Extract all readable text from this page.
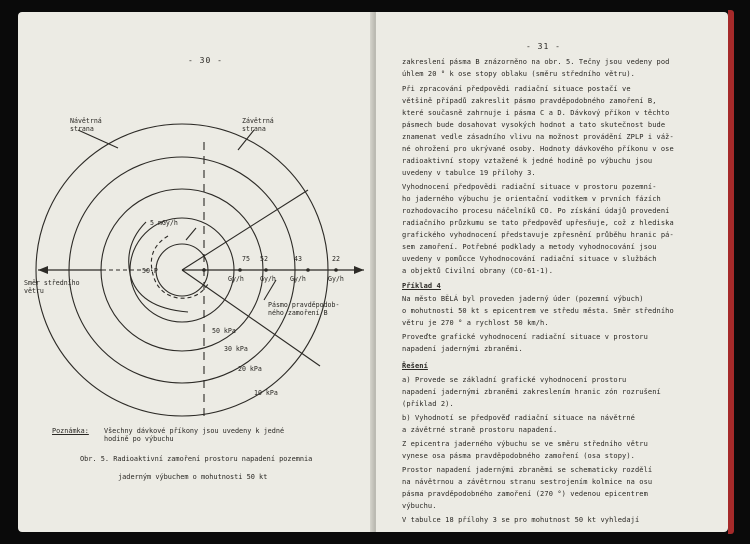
- 30 -
Návětrná
strana
Závětrná
strana
Směr středního
větru
50-P
5 mGy/h
75 52	43	22
Gy/h Gy/h Gy/h	Gy/h
Pásmo pravděpodob-
ného zamoření B
50 kPa
30 kPa
20 kPa
10 kPa
Poznámka: Všechny dávkové příkony jsou uvedeny k jedné
hodině po výbuchu
Obr. 5. Radioaktivní zamoření prostoru napadení pozemnia
jaderným výbuchem o mohutnosti 50 kt
- 31 -
zakreslení pásma B znázorněno na obr. 5. Tečny jsou vedeny pod
úhlem 20 ° k ose stopy oblaku (směru středního větru).
Při zpracování předpovědi radiační situace postačí ve
většině případů zakreslit pásmo pravděpodobného zamoření B,
které současně zahrnuje i pásma C a D. Dávkový příkon v těchto
pásmech bude dosahovat vysokých hodnot a tato skutečnost bude
znamenat vedle zásadního vlivu na možnost provádění ZPLP i váž-
né ohrožení pro ukrývané osoby. Hodnoty dávkového příkonu v ose
radioaktivní stopy vztažené k jedné hodině po výbuchu jsou
uvedeny v tabulce 19 přílohy 3.
Vyhodnocení předpovědi radiační situace v prostoru pozemní-
ho jaderného výbuchu je orientační voditkem v prvních fázích
rozhodovacího procesu náčelníků CO. Po získání údajů provedení
radiačního průzkumu se tato předpověď upřesňuje, což z hlediska
grafického vyhodnocení představuje zpřesnění průběhu hranic pá-
sem zamoření. Potřebné podklady a metody vyhodnocování jsou
uvedeny v pomůcce Vyhodnocování radiační situace v službách
a objektů Civilní obrany (CO-61-1).
Příklad 4
Na město BĚLÁ byl proveden jaderný úder (pozemní výbuch)
o mohutnosti 50 kt s epicentrem ve středu města. Směr středního
větru je 270 ° a rychlost 50 km/h.
Proveďte grafické vyhodnocení radiační situace v prostoru
napadení jadernými zbraněmi.
Řešení
a) Provede se základní grafické vyhodnocení prostoru
napadení jadernými zbraněmi zakreslením hranic zón rozrušení
(příklad 2).
b) Vyhodnotí se předpověď radiační situace na návětrné
a závětrné straně prostoru napadení.
Z epicentra jaderného výbuchu se ve směru středního větru
vynese osa pásma pravděpodobného zamoření (osa stopy).
Prostor napadení jadernými zbraněmi se schematicky rozdělí
na návětrnou a závětrnou stranu sestrojením kolmice na osu
pásma pravděpodobného zamoření (270 °) vedenou epicentrem
výbuchu.
V tabulce 18 přílohy 3 se pro mohutnost 50 kt vyhledají
